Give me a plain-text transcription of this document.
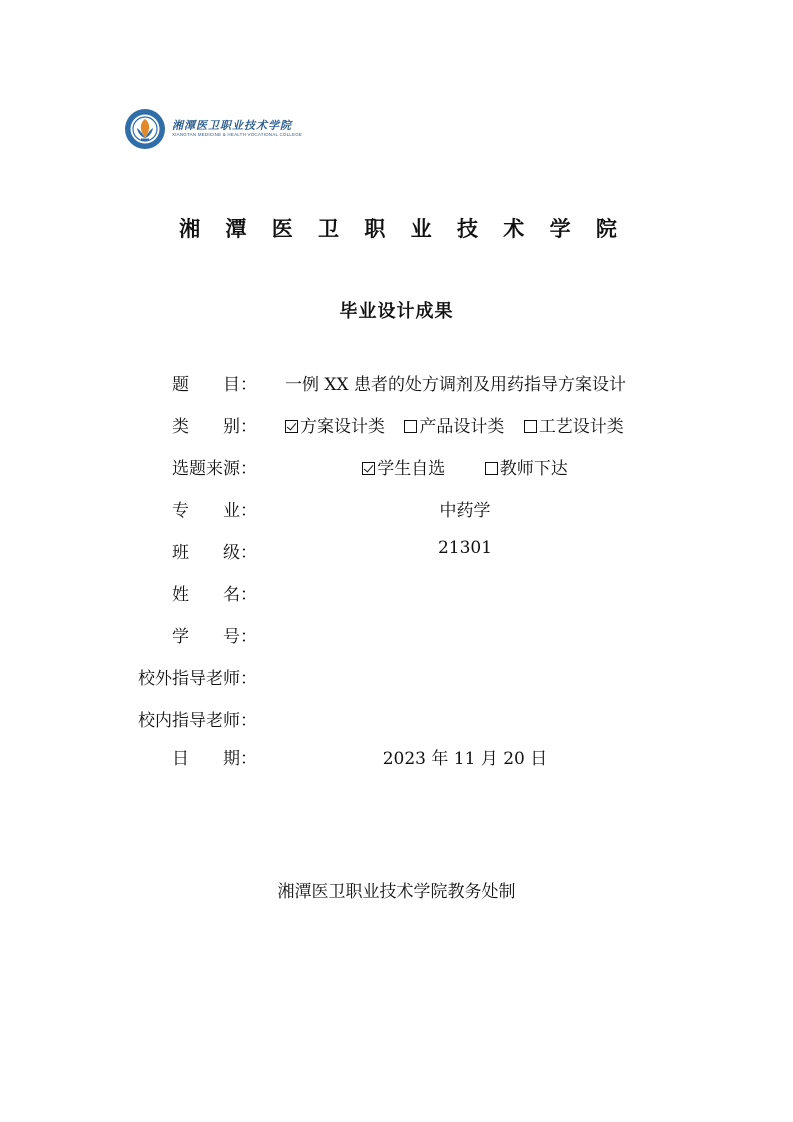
湘潭医卫职业技术学院
XIANGTAN MEDICINE & HEALTH VOCATIONAL COLLEGE
湘 潭 医 卫 职 业 技 术 学 院
毕业设计成果
题　　目： 一例 XX 患者的处方调剂及用药指导方案设计
类　　别：	方案设计类 产品设计类 工艺设计类
选题来源：	学生自选	教师下达
专　　业：	中药学
班　　级：	21301
姓　　名：
学　　号：
校外指导老师：
校内指导老师：
日　　期：	2023 年 11 月 20 日
湘潭医卫职业技术学院教务处制
